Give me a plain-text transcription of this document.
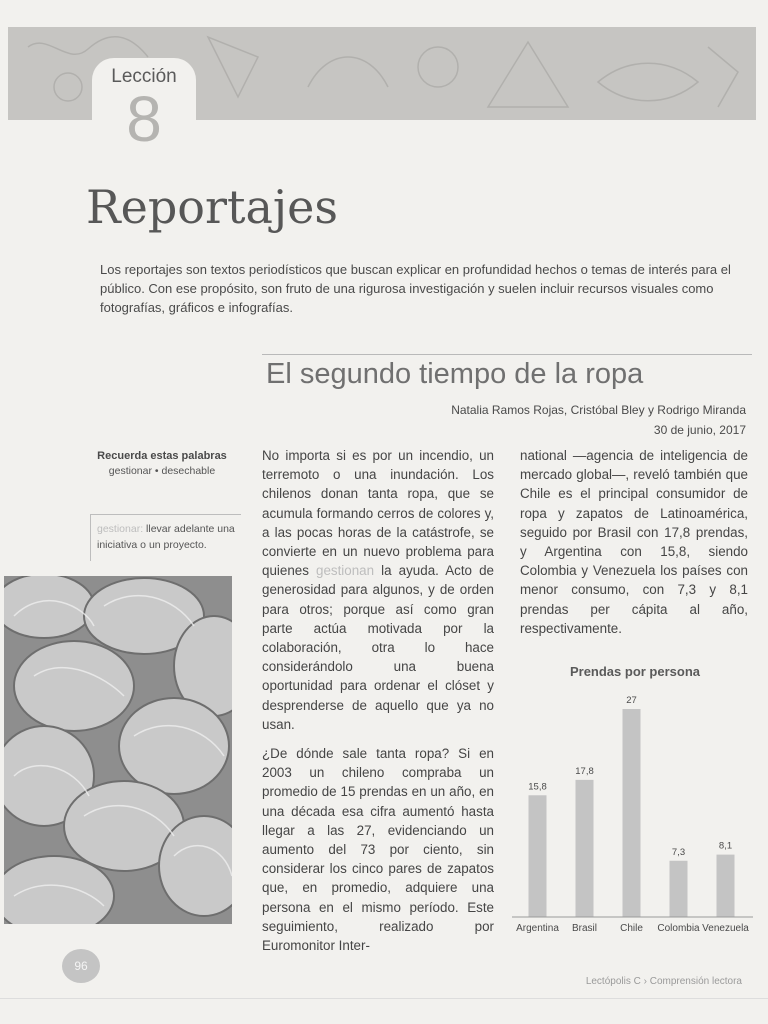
Lección
8
Reportajes

Los reportajes son textos periodísticos que buscan explicar en profundidad hechos o temas de interés para el público. Con ese propósito, son fruto de una rigurosa investigación y suelen incluir recursos visuales como fotografías, gráficos e infografías.

El segundo tiempo de la ropa
Natalia Ramos Rojas, Cristóbal Bley y Rodrigo Miranda
30 de junio, 2017
Recuerda estas palabras
gestionar • desechable
gestionar: llevar adelante una iniciativa o un proyecto.

No importa si es por un incendio, un terremoto o una inundación. Los chilenos donan tanta ropa, que se acumula formando cerros de colores y, a las pocas horas de la catástrofe, se convierte en un nuevo problema para quienes gestionan la ayuda. Acto de generosidad para algunos, y de orden para otros; porque así como gran parte actúa motivada por la colaboración, otra lo hace considerándolo una buena oportunidad para ordenar el clóset y desprenderse de aquello que ya no usan.

¿De dónde sale tanta ropa? Si en 2003 un chileno compraba un promedio de 15 prendas en un año, en una década esa cifra aumentó hasta llegar a las 27, evidenciando un aumento del 73 por ciento, sin considerar los cinco pares de zapatos que, en promedio, adquiere una persona en el mismo período. Este seguimiento, realizado por Euromonitor Inter-

national —agencia de inteligencia de mercado global—, reveló también que Chile es el principal consumidor de ropa y zapatos de Latinoamérica, seguido por Brasil con 17,8 prendas, y Argentina con 15,8, siendo Colombia y Venezuela los países con menor consumo, con 7,3 y 8,1 prendas per cápita al año, respectivamente.

Prendas por persona
15,8
Argentina
17,8
Brasil
27
Chile
7,3
Colombia
8,1
Venezuela
96
Lectópolis C › Comprensión lectora
